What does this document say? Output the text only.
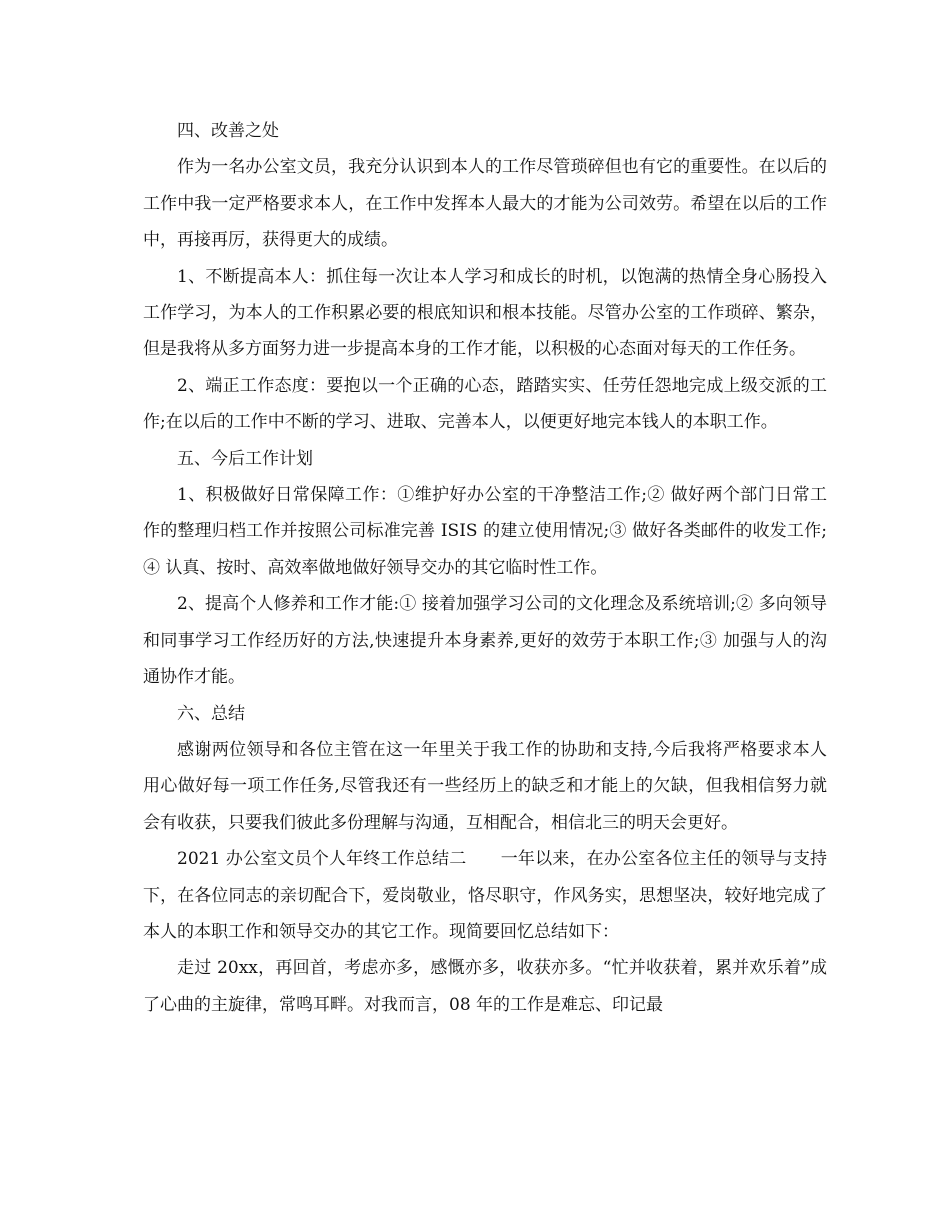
四、改善之处

作为一名办公室文员，我充分认识到本人的工作尽管琐碎但也有它的重要性。在以后的工作中我一定严格要求本人，在工作中发挥本人最大的才能为公司效劳。希望在以后的工作中，再接再厉，获得更大的成绩。

1、不断提高本人：抓住每一次让本人学习和成长的时机，以饱满的热情全身心肠投入工作学习，为本人的工作积累必要的根底知识和根本技能。尽管办公室的工作琐碎、繁杂，但是我将从多方面努力进一步提高本身的工作才能，以积极的心态面对每天的工作任务。

2、端正工作态度：要抱以一个正确的心态，踏踏实实、任劳任怨地完成上级交派的工作;在以后的工作中不断的学习、进取、完善本人，以便更好地完本钱人的本职工作。

五、今后工作计划

1、积极做好日常保障工作：①维护好办公室的干净整洁工作;② 做好两个部门日常工作的整理归档工作并按照公司标准完善 ISIS 的建立使用情况;③ 做好各类邮件的收发工作;④ 认真、按时、高效率做地做好领导交办的其它临时性工作。

2、提高个人修养和工作才能:① 接着加强学习公司的文化理念及系统培训;② 多向领导和同事学习工作经历好的方法,快速提升本身素养,更好的效劳于本职工作;③ 加强与人的沟通协作才能。

六、总结

感谢两位领导和各位主管在这一年里关于我工作的协助和支持,今后我将严格要求本人用心做好每一项工作任务,尽管我还有一些经历上的缺乏和才能上的欠缺，但我相信努力就会有收获，只要我们彼此多份理解与沟通，互相配合，相信北三的明天会更好。

2021 办公室文员个人年终工作总结二　　一年以来，在办公室各位主任的领导与支持下，在各位同志的亲切配合下，爱岗敬业，恪尽职守，作风务实，思想坚决，较好地完成了本人的本职工作和领导交办的其它工作。现简要回忆总结如下：

走过 20xx，再回首，考虑亦多，感慨亦多，收获亦多。“忙并收获着，累并欢乐着”成了心曲的主旋律，常鸣耳畔。对我而言，08 年的工作是难忘、印记最
